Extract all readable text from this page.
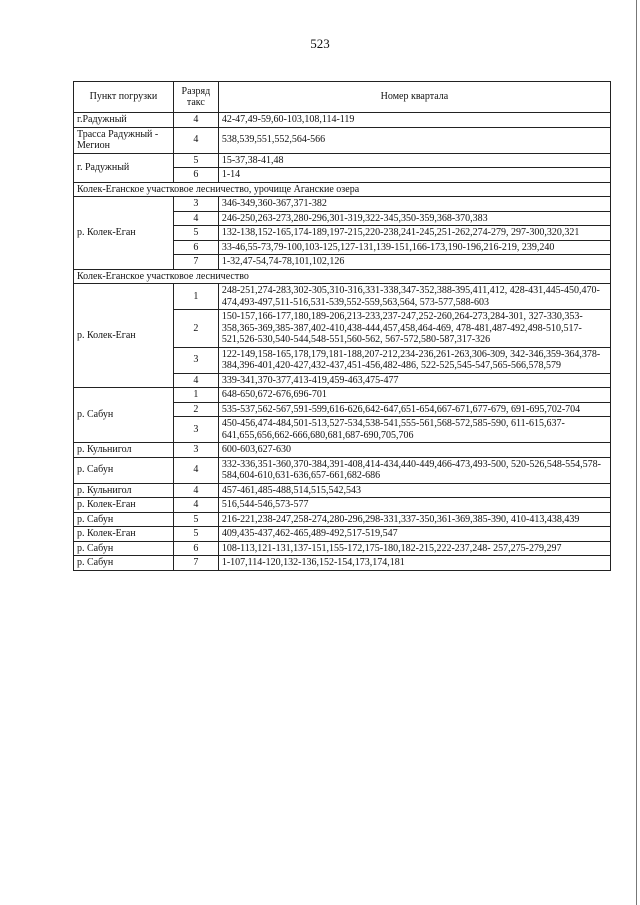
523
Пункт погрузки	Разряд такс	Номер квартала
г.Радужный	4	42-47,49-59,60-103,108,114-119
Трасса Радужный - Мегион	4	538,539,551,552,564-566
г. Радужный	5	15-37,38-41,48
	6	1-14
Колек-Еганское участковое лесничество, урочище Аганские озера		
р. Колек-Еган	3	346-349,360-367,371-382
	4	246-250,263-273,280-296,301-319,322-345,350-359,368-370,383
	5	132-138,152-165,174-189,197-215,220-238,241-245,251-262,274-279, 297-300,320,321
	6	33-46,55-73,79-100,103-125,127-131,139-151,166-173,190-196,216-219, 239,240
	7	1-32,47-54,74-78,101,102,126
Колек-Еганское участковое лесничество		
р. Колек-Еган	1	248-251,274-283,302-305,310-316,331-338,347-352,388-395,411,412, 428-431,445-450,470-474,493-497,511-516,531-539,552-559,563,564, 573-577,588-603
	2	150-157,166-177,180,189-206,213-233,237-247,252-260,264-273,284-301, 327-330,353-358,365-369,385-387,402-410,438-444,457,458,464-469, 478-481,487-492,498-510,517-521,526-530,540-544,548-551,560-562, 567-572,580-587,317-326
	3	122-149,158-165,178,179,181-188,207-212,234-236,261-263,306-309, 342-346,359-364,378-384,396-401,420-427,432-437,451-456,482-486, 522-525,545-547,565-566,578,579
	4	339-341,370-377,413-419,459-463,475-477
р. Сабун	1	648-650,672-676,696-701
	2	535-537,562-567,591-599,616-626,642-647,651-654,667-671,677-679, 691-695,702-704
	3	450-456,474-484,501-513,527-534,538-541,555-561,568-572,585-590, 611-615,637-641,655,656,662-666,680,681,687-690,705,706
р. Кульнигол	3	600-603,627-630
р. Сабун	4	332-336,351-360,370-384,391-408,414-434,440-449,466-473,493-500, 520-526,548-554,578-584,604-610,631-636,657-661,682-686
р. Кульнигол	4	457-461,485-488,514,515,542,543
р. Колек-Еган	4	516,544-546,573-577
р. Сабун	5	216-221,238-247,258-274,280-296,298-331,337-350,361-369,385-390, 410-413,438,439
р. Колек-Еган	5	409,435-437,462-465,489-492,517-519,547
р. Сабун	6	108-113,121-131,137-151,155-172,175-180,182-215,222-237,248- 257,275-279,297
р. Сабун	7	1-107,114-120,132-136,152-154,173,174,181
